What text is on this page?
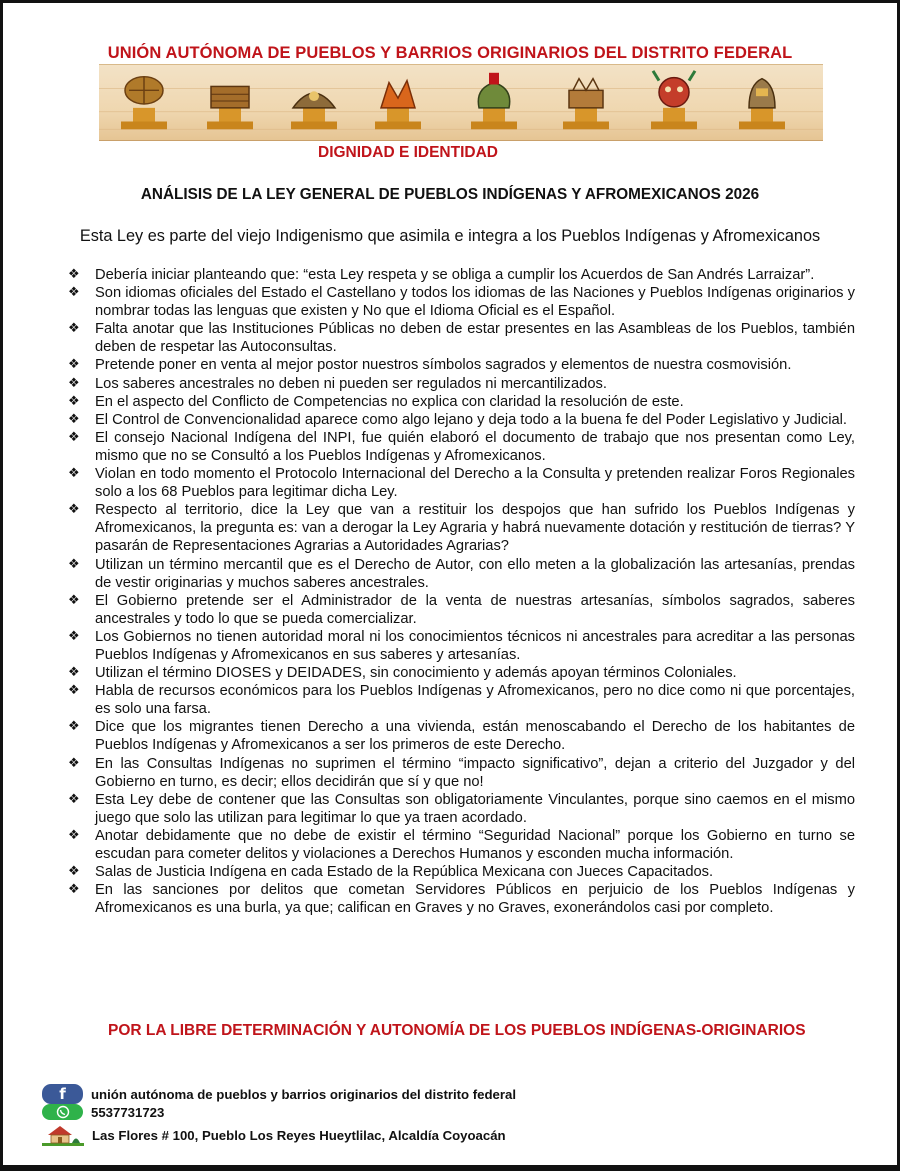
UNIÓN AUTÓNOMA DE PUEBLOS Y BARRIOS ORIGINARIOS DEL DISTRITO FEDERAL
DIGNIDAD E IDENTIDAD
ANÁLISIS DE LA LEY GENERAL DE PUEBLOS INDÍGENAS Y AFROMEXICANOS 2026
Esta Ley es parte del viejo Indigenismo que asimila e integra a los Pueblos Indígenas y Afromexicanos
❖ Debería iniciar planteando que: “esta Ley respeta y se obliga a cumplir los Acuerdos de San Andrés Larraizar”.
❖ Son idiomas oficiales del Estado el Castellano y todos los idiomas de las Naciones y Pueblos Indígenas originarios y nombrar todas las lenguas que existen y No que el Idioma Oficial es el Español.
❖ Falta anotar que las Instituciones Públicas no deben de estar presentes en las Asambleas de los Pueblos, también deben de respetar las Autoconsultas.
❖ Pretende poner en venta al mejor postor nuestros símbolos sagrados y elementos de nuestra cosmovisión.
❖ Los saberes ancestrales no deben ni pueden ser regulados ni mercantilizados.
❖ En el aspecto del Conflicto de Competencias no explica con claridad la resolución de este.
❖ El Control de Convencionalidad aparece como algo lejano y deja todo a la buena fe del Poder Legislativo y Judicial.
❖ El consejo Nacional Indígena del INPI, fue quién elaboró el documento de trabajo que nos presentan como Ley, mismo que no se Consultó a los Pueblos Indígenas y Afromexicanos.
❖ Violan en todo momento el Protocolo Internacional del Derecho a la Consulta y pretenden realizar Foros Regionales solo a los 68 Pueblos para legitimar dicha Ley.
❖ Respecto al territorio, dice la Ley que van a restituir los despojos que han sufrido los Pueblos Indígenas y Afromexicanos, la pregunta es: van a derogar la Ley Agraria y habrá nuevamente dotación y restitución de tierras? Y pasarán de Representaciones Agrarias a Autoridades Agrarias?
❖ Utilizan un término mercantil que es el Derecho de Autor, con ello meten a la globalización las artesanías, prendas de vestir originarias y muchos saberes ancestrales.
❖ El Gobierno pretende ser el Administrador de la venta de nuestras artesanías, símbolos sagrados, saberes ancestrales y todo lo que se pueda comercializar.
❖ Los Gobiernos no tienen autoridad moral ni los conocimientos técnicos ni ancestrales para acreditar a las personas Pueblos Indígenas y Afromexicanos en sus saberes y artesanías.
❖ Utilizan el término DIOSES y DEIDADES, sin conocimiento y además apoyan términos Coloniales.
❖ Habla de recursos económicos para los Pueblos Indígenas y Afromexicanos, pero no dice como ni que porcentajes, es solo una farsa.
❖ Dice que los migrantes tienen Derecho a una vivienda, están menoscabando el Derecho de los habitantes de Pueblos Indígenas y Afromexicanos a ser los primeros de este Derecho.
❖ En las Consultas Indígenas no suprimen el término “impacto significativo”, dejan a criterio del Juzgador y del Gobierno en turno, es decir; ellos decidirán que sí y que no!
❖ Esta Ley debe de contener que las Consultas son obligatoriamente Vinculantes, porque sino caemos en el mismo juego que solo las utilizan para legitimar lo que ya traen acordado.
❖ Anotar debidamente que no debe de existir el término “Seguridad Nacional” porque los Gobierno en turno se escudan para cometer delitos y violaciones a Derechos Humanos y esconden mucha información.
❖ Salas de Justicia Indígena en cada Estado de la República Mexicana con Jueces Capacitados.
❖ En las sanciones por delitos que cometan Servidores Públicos en perjuicio de los Pueblos Indígenas y Afromexicanos es una burla, ya que; califican en Graves y no Graves, exonerándolos casi por completo.
POR LA LIBRE DETERMINACIÓN Y AUTONOMÍA DE LOS PUEBLOS INDÍGENAS-ORIGINARIOS
f	unión autónoma de pueblos y barrios originarios del distrito federal
5537731723
Las Flores # 100, Pueblo Los Reyes Hueytlilac, Alcaldía Coyoacán
